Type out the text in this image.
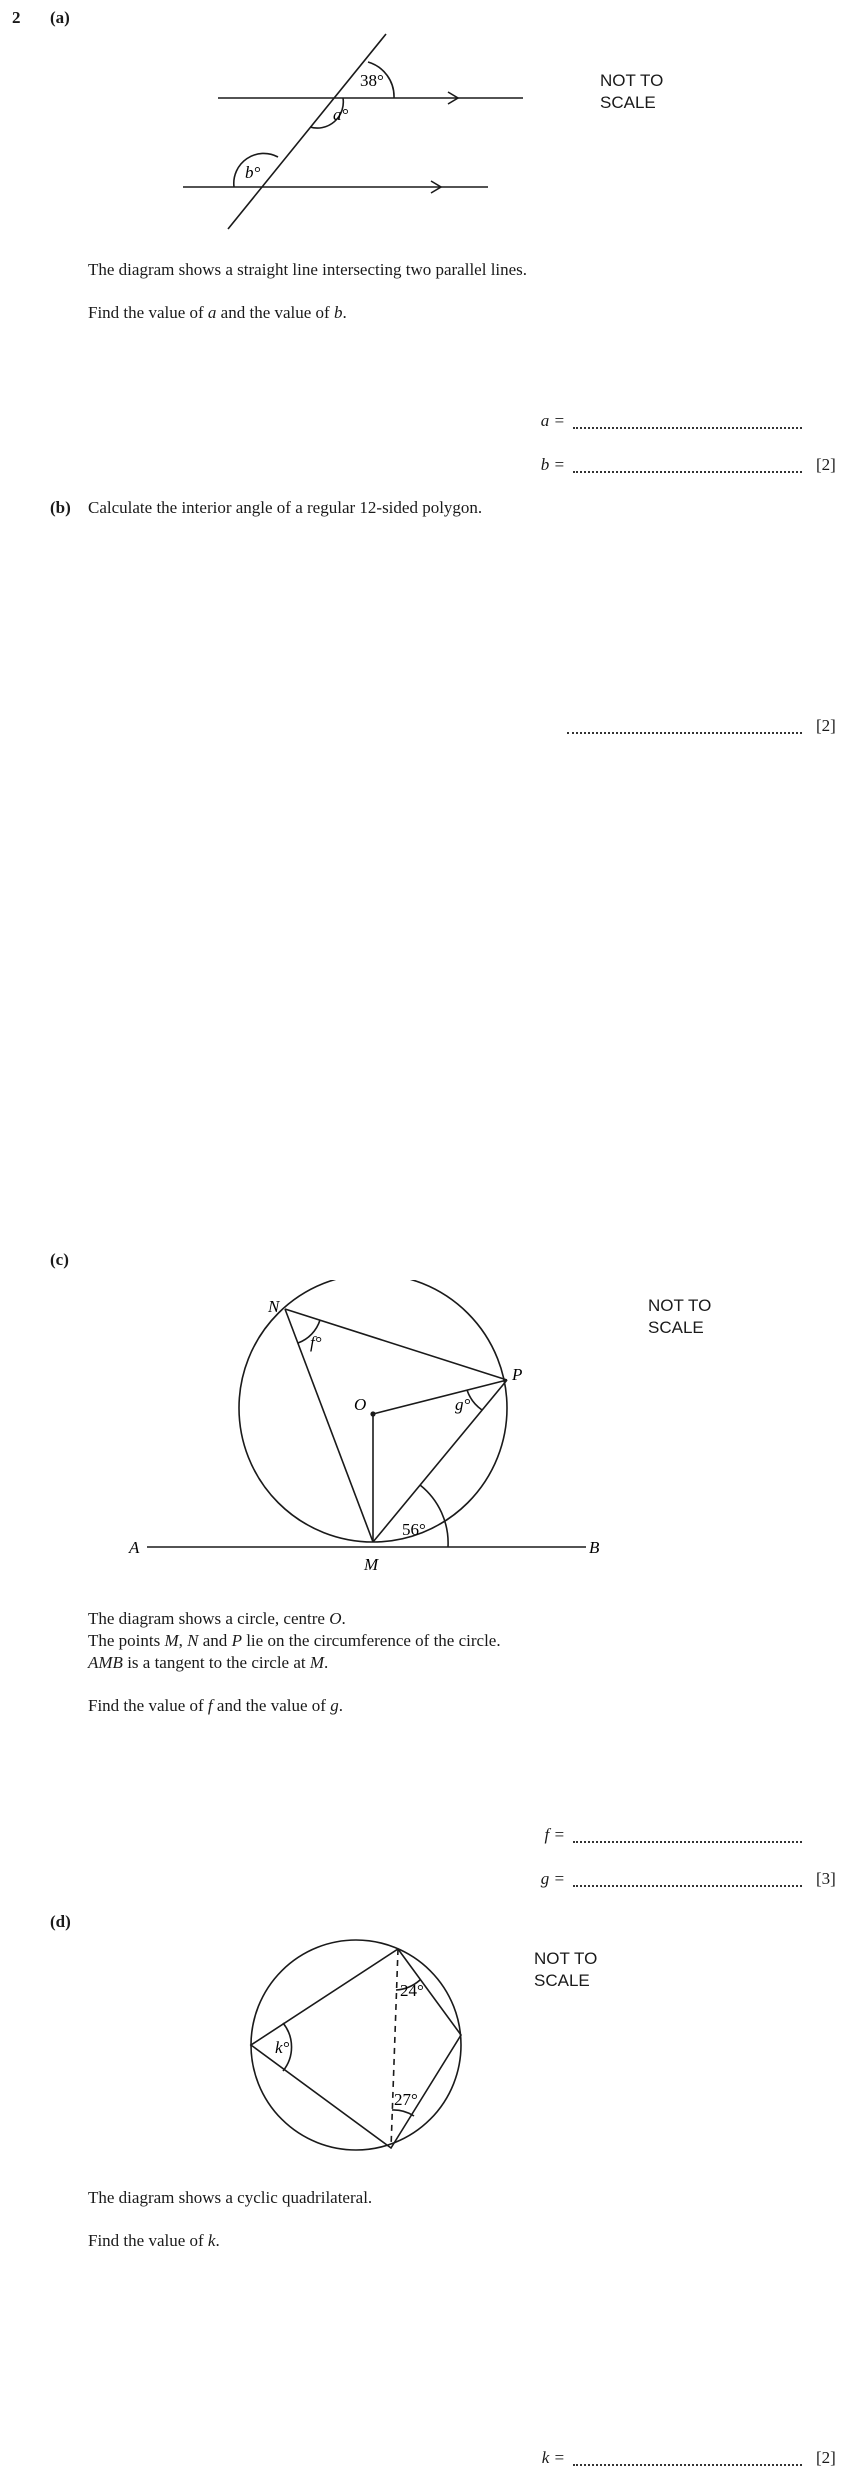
2 (a)
38°
a°
b°
NOT TO
SCALE
The diagram shows a straight line intersecting two parallel lines.
Find the value of a and the value of b.
a =
b =	[2]
(b) Calculate the interior angle of a regular 12-sided polygon.
[2]
(c)
N
P
O
M
A	B
f°
g°
56°
NOT TO
SCALE
The diagram shows a circle, centre O.
The points M, N and P lie on the circumference of the circle.
AMB is a tangent to the circle at M.
Find the value of f and the value of g.
f =
g =	[3]
(d)
24°
27°
k°
NOT TO
SCALE
The diagram shows a cyclic quadrilateral.
Find the value of k.
k =	[2]
